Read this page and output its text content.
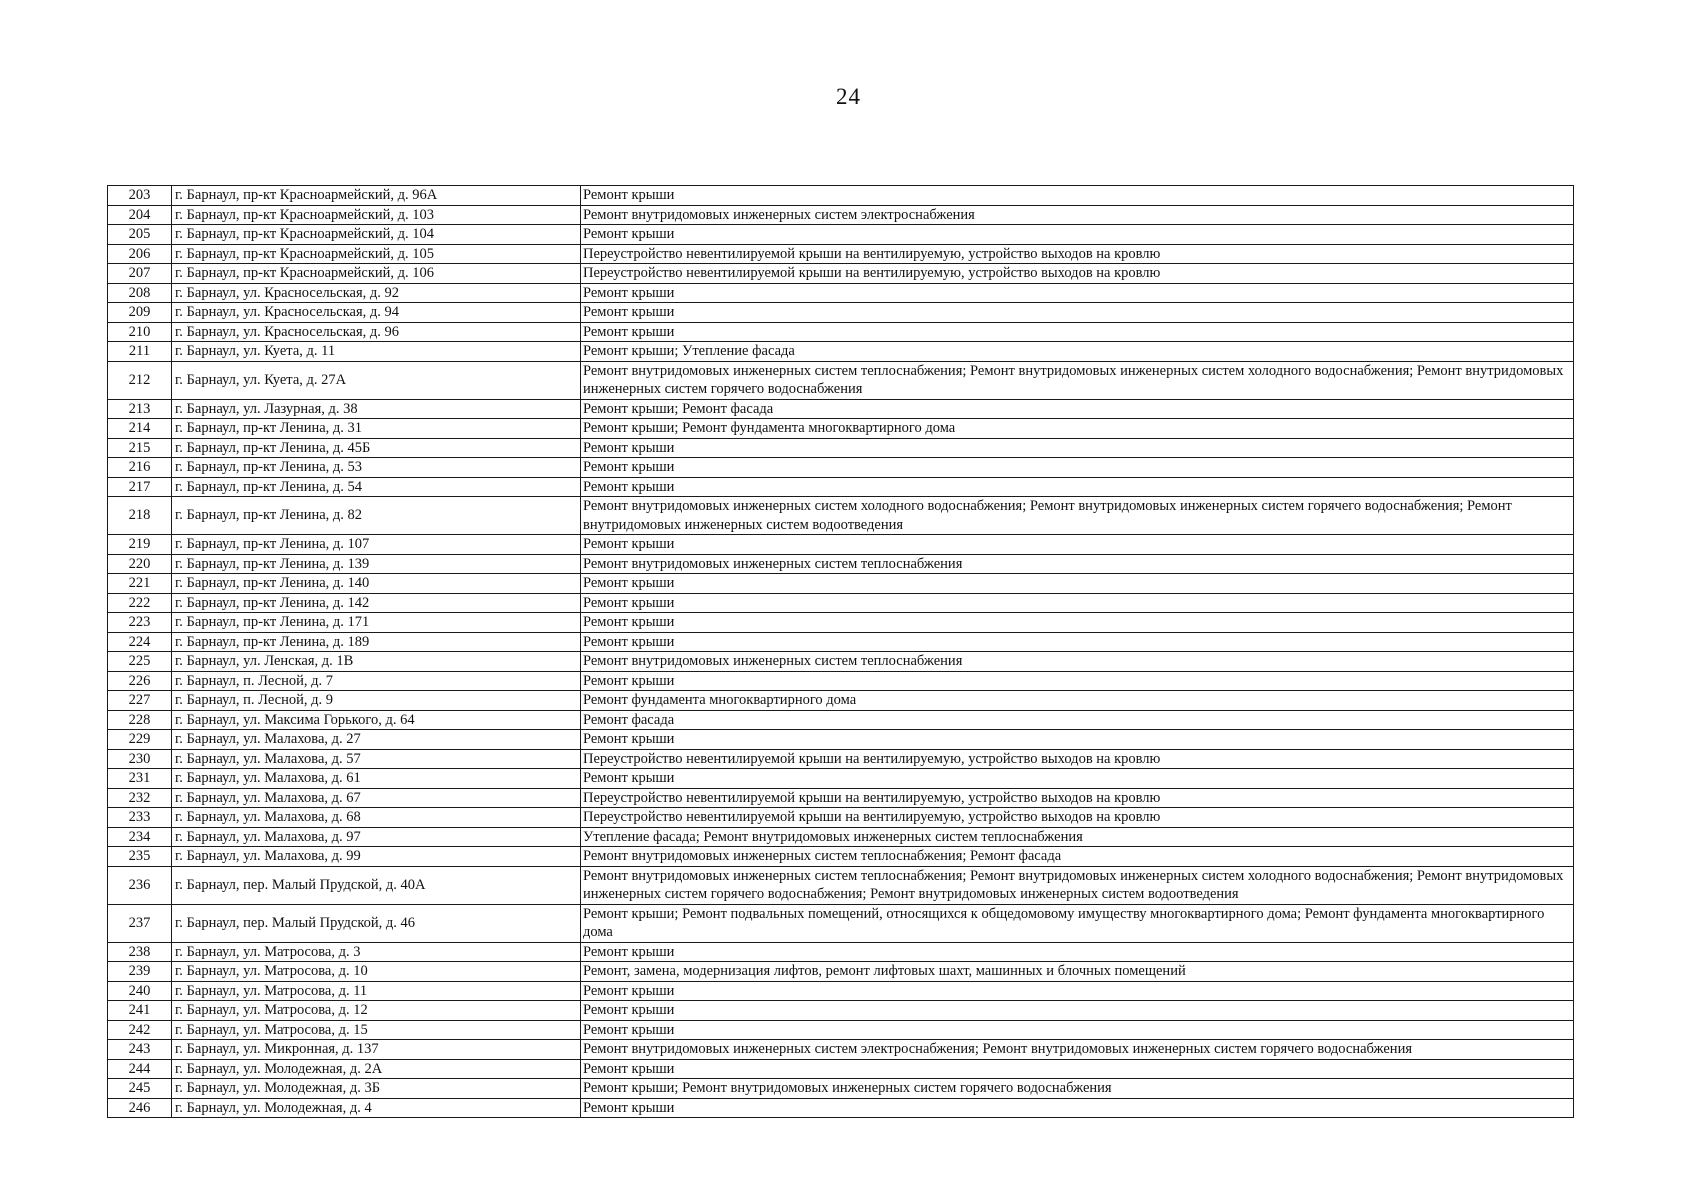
24
203	г. Барнаул, пр-кт Красноармейский, д. 96А	Ремонт крыши
204	г. Барнаул, пр-кт Красноармейский, д. 103	Ремонт внутридомовых инженерных систем электроснабжения
205	г. Барнаул, пр-кт Красноармейский, д. 104	Ремонт крыши
206	г. Барнаул, пр-кт Красноармейский, д. 105	Переустройство невентилируемой крыши на вентилируемую, устройство выходов на кровлю
207	г. Барнаул, пр-кт Красноармейский, д. 106	Переустройство невентилируемой крыши на вентилируемую, устройство выходов на кровлю
208	г. Барнаул, ул. Красносельская, д. 92	Ремонт крыши
209	г. Барнаул, ул. Красносельская, д. 94	Ремонт крыши
210	г. Барнаул, ул. Красносельская, д. 96	Ремонт крыши
211	г. Барнаул, ул. Куета, д. 11	Ремонт крыши; Утепление фасада
212	г. Барнаул, ул. Куета, д. 27А	Ремонт внутридомовых инженерных систем теплоснабжения; Ремонт внутридомовых инженерных систем холодного водоснабжения; Ремонт внутридомовых инженерных систем горячего водоснабжения
213	г. Барнаул, ул. Лазурная, д. 38	Ремонт крыши; Ремонт фасада
214	г. Барнаул, пр-кт Ленина, д. 31	Ремонт крыши; Ремонт фундамента многоквартирного дома
215	г. Барнаул, пр-кт Ленина, д. 45Б	Ремонт крыши
216	г. Барнаул, пр-кт Ленина, д. 53	Ремонт крыши
217	г. Барнаул, пр-кт Ленина, д. 54	Ремонт крыши
218	г. Барнаул, пр-кт Ленина, д. 82	Ремонт внутридомовых инженерных систем холодного водоснабжения; Ремонт внутридомовых инженерных систем горячего водоснабжения; Ремонт внутридомовых инженерных систем водоотведения
219	г. Барнаул, пр-кт Ленина, д. 107	Ремонт крыши
220	г. Барнаул, пр-кт Ленина, д. 139	Ремонт внутридомовых инженерных систем теплоснабжения
221	г. Барнаул, пр-кт Ленина, д. 140	Ремонт крыши
222	г. Барнаул, пр-кт Ленина, д. 142	Ремонт крыши
223	г. Барнаул, пр-кт Ленина, д. 171	Ремонт крыши
224	г. Барнаул, пр-кт Ленина, д. 189	Ремонт крыши
225	г. Барнаул, ул. Ленская, д. 1В	Ремонт внутридомовых инженерных систем теплоснабжения
226	г. Барнаул, п. Лесной, д. 7	Ремонт крыши
227	г. Барнаул, п. Лесной, д. 9	Ремонт фундамента многоквартирного дома
228	г. Барнаул, ул. Максима Горького, д. 64	Ремонт фасада
229	г. Барнаул, ул. Малахова, д. 27	Ремонт крыши
230	г. Барнаул, ул. Малахова, д. 57	Переустройство невентилируемой крыши на вентилируемую, устройство выходов на кровлю
231	г. Барнаул, ул. Малахова, д. 61	Ремонт крыши
232	г. Барнаул, ул. Малахова, д. 67	Переустройство невентилируемой крыши на вентилируемую, устройство выходов на кровлю
233	г. Барнаул, ул. Малахова, д. 68	Переустройство невентилируемой крыши на вентилируемую, устройство выходов на кровлю
234	г. Барнаул, ул. Малахова, д. 97	Утепление фасада; Ремонт внутридомовых инженерных систем теплоснабжения
235	г. Барнаул, ул. Малахова, д. 99	Ремонт внутридомовых инженерных систем теплоснабжения; Ремонт фасада
236	г. Барнаул, пер. Малый Прудской, д. 40А	Ремонт внутридомовых инженерных систем теплоснабжения; Ремонт внутридомовых инженерных систем холодного водоснабжения; Ремонт внутридомовых инженерных систем горячего водоснабжения; Ремонт внутридомовых инженерных систем водоотведения
237	г. Барнаул, пер. Малый Прудской, д. 46	Ремонт крыши; Ремонт подвальных помещений, относящихся к общедомовому имуществу многоквартирного дома; Ремонт фундамента многоквартирного дома
238	г. Барнаул, ул. Матросова, д. 3	Ремонт крыши
239	г. Барнаул, ул. Матросова, д. 10	Ремонт, замена, модернизация лифтов, ремонт лифтовых шахт, машинных и блочных помещений
240	г. Барнаул, ул. Матросова, д. 11	Ремонт крыши
241	г. Барнаул, ул. Матросова, д. 12	Ремонт крыши
242	г. Барнаул, ул. Матросова, д. 15	Ремонт крыши
243	г. Барнаул, ул. Микронная, д. 137	Ремонт внутридомовых инженерных систем электроснабжения; Ремонт внутридомовых инженерных систем горячего водоснабжения
244	г. Барнаул, ул. Молодежная, д. 2А	Ремонт крыши
245	г. Барнаул, ул. Молодежная, д. 3Б	Ремонт крыши; Ремонт внутридомовых инженерных систем горячего водоснабжения
246	г. Барнаул, ул. Молодежная, д. 4	Ремонт крыши
